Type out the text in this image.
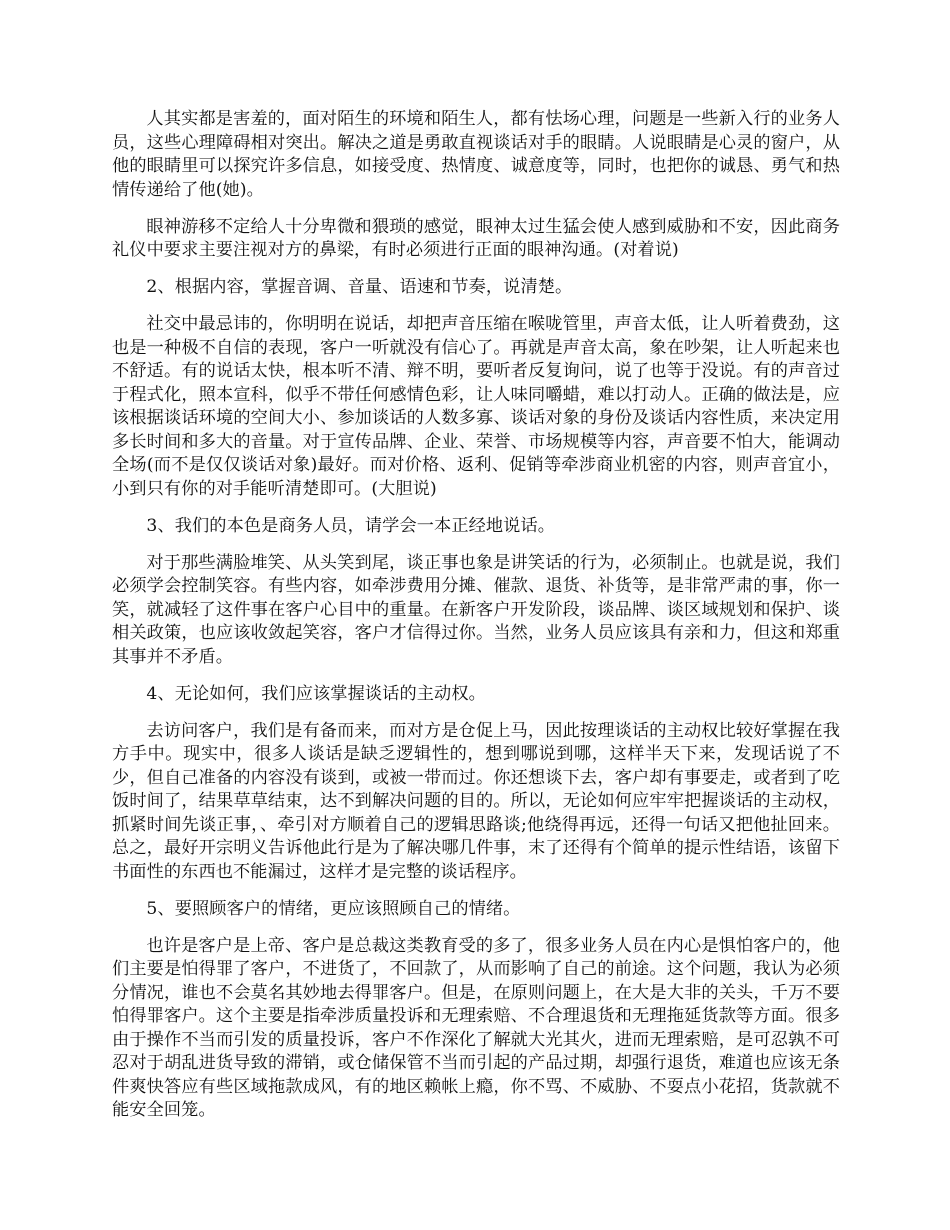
人其实都是害羞的，面对陌生的环境和陌生人，都有怯场心理，问题是一些新入行的业务人员，这些心理障碍相对突出。解决之道是勇敢直视谈话对手的眼睛。人说眼睛是心灵的窗户，从他的眼睛里可以探究许多信息，如接受度、热情度、诚意度等，同时，也把你的诚恳、勇气和热情传递给了他(她)。

眼神游移不定给人十分卑微和猥琐的感觉，眼神太过生猛会使人感到威胁和不安，因此商务礼仪中要求主要注视对方的鼻梁，有时必须进行正面的眼神沟通。(对着说)

2、根据内容，掌握音调、音量、语速和节奏，说清楚。

社交中最忌讳的，你明明在说话，却把声音压缩在喉咙管里，声音太低，让人听着费劲，这也是一种极不自信的表现，客户一听就没有信心了。再就是声音太高，象在吵架，让人听起来也不舒适。有的说话太快，根本听不清、辩不明，要听者反复询问，说了也等于没说。有的声音过于程式化，照本宣科，似乎不带任何感情色彩，让人味同嚼蜡，难以打动人。正确的做法是，应该根据谈话环境的空间大小、参加谈话的人数多寡、谈话对象的身份及谈话内容性质，来决定用多长时间和多大的音量。对于宣传品牌、企业、荣誉、市场规模等内容，声音要不怕大，能调动全场(而不是仅仅谈话对象)最好。而对价格、返利、促销等牵涉商业机密的内容，则声音宜小，小到只有你的对手能听清楚即可。(大胆说)

3、我们的本色是商务人员，请学会一本正经地说话。

对于那些满脸堆笑、从头笑到尾，谈正事也象是讲笑话的行为，必须制止。也就是说，我们必须学会控制笑容。有些内容，如牵涉费用分摊、催款、退货、补货等，是非常严肃的事，你一笑，就减轻了这件事在客户心目中的重量。在新客户开发阶段，谈品牌、谈区域规划和保护、谈相关政策，也应该收敛起笑容，客户才信得过你。当然，业务人员应该具有亲和力，但这和郑重其事并不矛盾。

4、无论如何，我们应该掌握谈话的主动权。

去访问客户，我们是有备而来，而对方是仓促上马，因此按理谈话的主动权比较好掌握在我方手中。现实中，很多人谈话是缺乏逻辑性的，想到哪说到哪，这样半天下来，发现话说了不少，但自己准备的内容没有谈到，或被一带而过。你还想谈下去，客户却有事要走，或者到了吃饭时间了，结果草草结束，达不到解决问题的目的。所以，无论如何应牢牢把握谈话的主动权，抓紧时间先谈正事，、牵引对方顺着自己的逻辑思路谈;他绕得再远，还得一句话又把他扯回来。总之，最好开宗明义告诉他此行是为了解决哪几件事，末了还得有个简单的提示性结语，该留下书面性的东西也不能漏过，这样才是完整的谈话程序。

5、要照顾客户的情绪，更应该照顾自己的情绪。

也许是客户是上帝、客户是总裁这类教育受的多了，很多业务人员在内心是惧怕客户的，他们主要是怕得罪了客户，不进货了，不回款了，从而影响了自己的前途。这个问题，我认为必须分情况，谁也不会莫名其妙地去得罪客户。但是，在原则问题上，在大是大非的关头，千万不要怕得罪客户。这个主要是指牵涉质量投诉和无理索赔、不合理退货和无理拖延货款等方面。很多由于操作不当而引发的质量投诉，客户不作深化了解就大光其火，进而无理索赔，是可忍孰不可忍对于胡乱进货导致的滞销，或仓储保管不当而引起的产品过期，却强行退货，难道也应该无条件爽快答应有些区域拖款成风，有的地区赖帐上瘾，你不骂、不威胁、不耍点小花招，货款就不能安全回笼。
